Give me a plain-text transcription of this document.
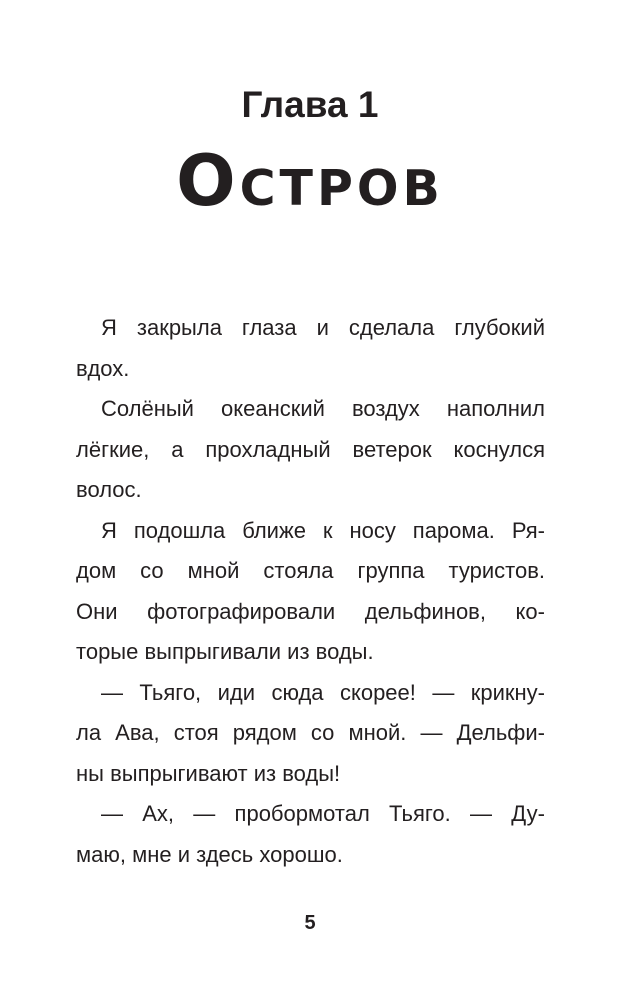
Глава 1
Остров
Я закрыла глаза и сделала глубокий
вдох.
Солёный океанский воздух наполнил
лёгкие, а прохладный ветерок коснулся
волос.
Я подошла ближе к носу парома. Ря-
дом со мной стояла группа туристов.
Они фотографировали дельфинов, ко-
торые выпрыгивали из воды.
— Тьяго, иди сюда скорее! — крикну-
ла Ава, стоя рядом со мной. — Дельфи-
ны выпрыгивают из воды!
— Ах, — пробормотал Тьяго. — Ду-
маю, мне и здесь хорошо.
5
